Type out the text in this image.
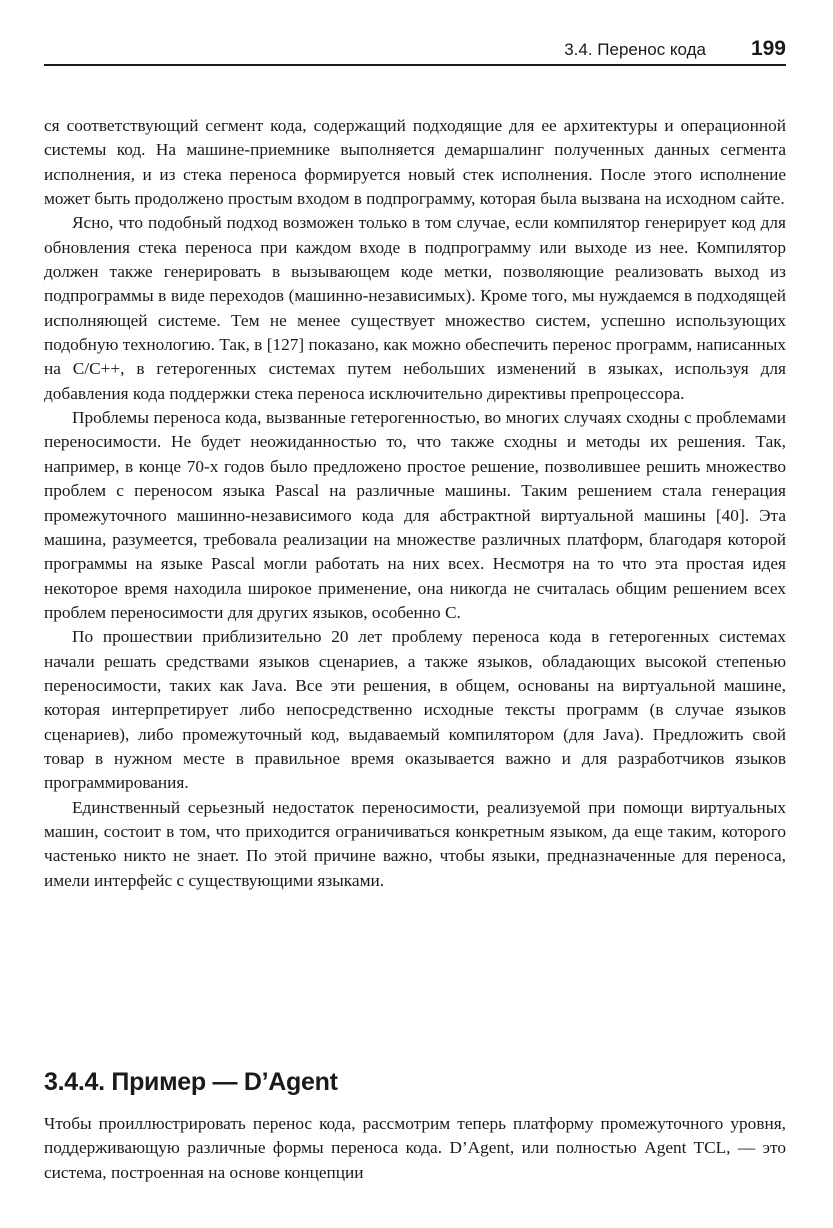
3.4. Перенос кода 199

ся соответствующий сегмент кода, содержащий подходящие для ее архитектуры и операционной системы код. На машине-приемнике выполняется демаршалинг полученных данных сегмента исполнения, и из стека переноса формируется новый стек исполнения. После этого исполнение может быть продолжено простым входом в подпрограмму, которая была вызвана на исходном сайте.

Ясно, что подобный подход возможен только в том случае, если компилятор генерирует код для обновления стека переноса при каждом входе в подпрограмму или выходе из нее. Компилятор должен также генерировать в вызывающем коде метки, позволяющие реализовать выход из подпрограммы в виде переходов (машинно-независимых). Кроме того, мы нуждаемся в подходящей исполняющей системе. Тем не менее существует множество систем, успешно использующих подобную технологию. Так, в [127] показано, как можно обеспечить перенос программ, написанных на C/C++, в гетерогенных системах путем небольших изменений в языках, используя для добавления кода поддержки стека переноса исключительно директивы препроцессора.

Проблемы переноса кода, вызванные гетерогенностью, во многих случаях сходны с проблемами переносимости. Не будет неожиданностью то, что также сходны и методы их решения. Так, например, в конце 70-х годов было предложено простое решение, позволившее решить множество проблем с переносом языка Pascal на различные машины. Таким решением стала генерация промежуточного машинно-независимого кода для абстрактной виртуальной машины [40]. Эта машина, разумеется, требовала реализации на множестве различных платформ, благодаря которой программы на языке Pascal могли работать на них всех. Несмотря на то что эта простая идея некоторое время находила широкое применение, она никогда не считалась общим решением всех проблем переносимости для других языков, особенно C.

По прошествии приблизительно 20 лет проблему переноса кода в гетерогенных системах начали решать средствами языков сценариев, а также языков, обладающих высокой степенью переносимости, таких как Java. Все эти решения, в общем, основаны на виртуальной машине, которая интерпретирует либо непосредственно исходные тексты программ (в случае языков сценариев), либо промежуточный код, выдаваемый компилятором (для Java). Предложить свой товар в нужном месте в правильное время оказывается важно и для разработчиков языков программирования.

Единственный серьезный недостаток переносимости, реализуемой при помощи виртуальных машин, состоит в том, что приходится ограничиваться конкретным языком, да еще таким, которого частенько никто не знает. По этой причине важно, чтобы языки, предназначенные для переноса, имели интерфейс с существующими языками.

3.4.4. Пример — D’Agent

Чтобы проиллюстрировать перенос кода, рассмотрим теперь платформу промежуточного уровня, поддерживающую различные формы переноса кода. D’Agent, или полностью Agent TCL, — это система, построенная на основе концепции
